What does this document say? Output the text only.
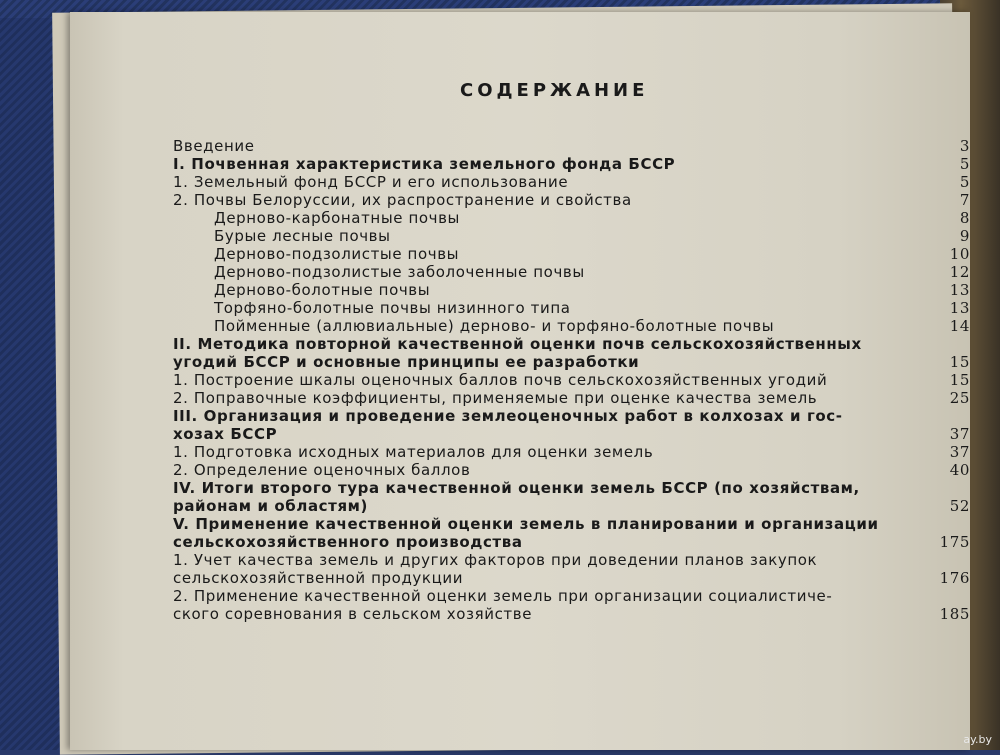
СОДЕРЖАНИЕ
Введение	3
I. Почвенная характеристика земельного фонда БССР	5
1. Земельный фонд БССР и его использование	5
2. Почвы Белоруссии, их распространение и свойства	7
Дерново-карбонатные почвы	8
Бурые лесные почвы	9
Дерново-подзолистые почвы	10
Дерново-подзолистые заболоченные почвы	12
Дерново-болотные почвы	13
Торфяно-болотные почвы низинного типа	13
Пойменные (аллювиальные) дерново- и торфяно-болотные почвы	14
II. Методика повторной качественной оценки почв сельскохозяйственных
угодий БССР и основные принципы ее разработки	15
1. Построение шкалы оценочных баллов почв сельскохозяйственных угодий	15
2. Поправочные коэффициенты, применяемые при оценке качества земель	25
III. Организация и проведение землеоценочных работ в колхозах и гос-
хозах БССР	37
1. Подготовка исходных материалов для оценки земель	37
2. Определение оценочных баллов	40
IV. Итоги второго тура качественной оценки земель БССР (по хозяйствам,
районам и областям)	52
V. Применение качественной оценки земель в планировании и организации
сельскохозяйственного производства	175
1. Учет качества земель и других факторов при доведении планов закупок
сельскохозяйственной продукции	176
2. Применение качественной оценки земель при организации социалистиче-
ского соревнования в сельском хозяйстве	185
ay.by
